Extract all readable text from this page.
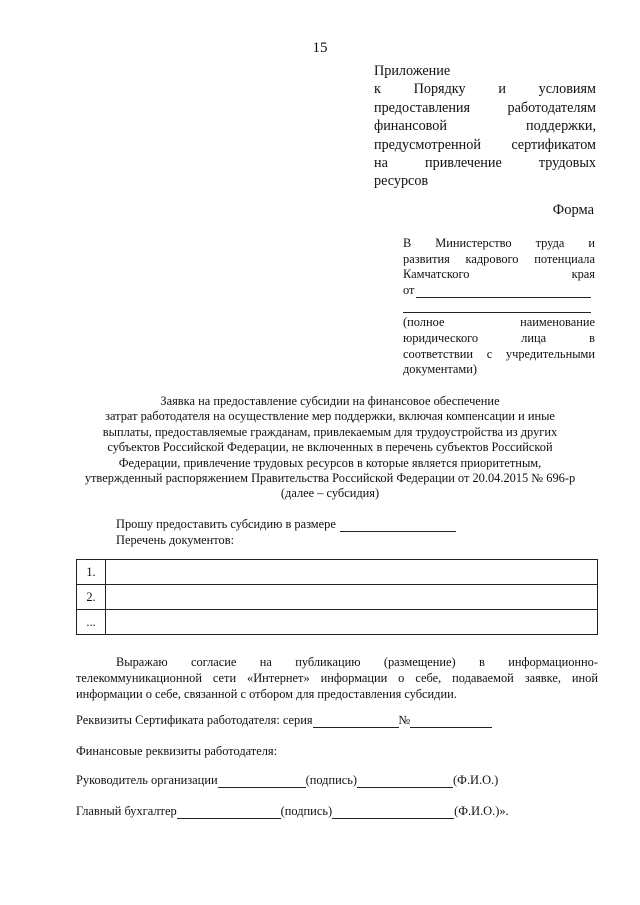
15
Приложение
к Порядку и условиям
предоставления работодателям
финансовой поддержки,
предусмотренной сертификатом
на привлечение трудовых
ресурсов
Форма
В Министерство труда и
развития кадрового потенциала
Камчатского края
от
(полное наименование
юридического лица в
соответствии с учредительными
документами)
Заявка на предоставление субсидии на финансовое обеспечение
затрат работодателя на осуществление мер поддержки, включая компенсации и иные
выплаты, предоставляемые гражданам, привлекаемым для трудоустройства из других
субъектов Российской Федерации, не включенных в перечень субъектов Российской
Федерации, привлечение трудовых ресурсов в которые является приоритетным,
утвержденный распоряжением Правительства Российской Федерации от 20.04.2015 № 696-р
(далее – субсидия)
Прошу предоставить субсидию в размере
Перечень документов:
1.	
2.	
...	
Выражаю согласие на публикацию (размещение) в информационно-
телекоммуникационной сети «Интернет» информации о себе, подаваемой заявке, иной
информации о себе, связанной с отбором для предоставления субсидии.
Реквизиты Сертификата работодателя: серия	№
Финансовые реквизиты работодателя:
Руководитель организации	(подпись)	(Ф.И.О.)
Главный бухгалтер	(подпись)	(Ф.И.О.)».
